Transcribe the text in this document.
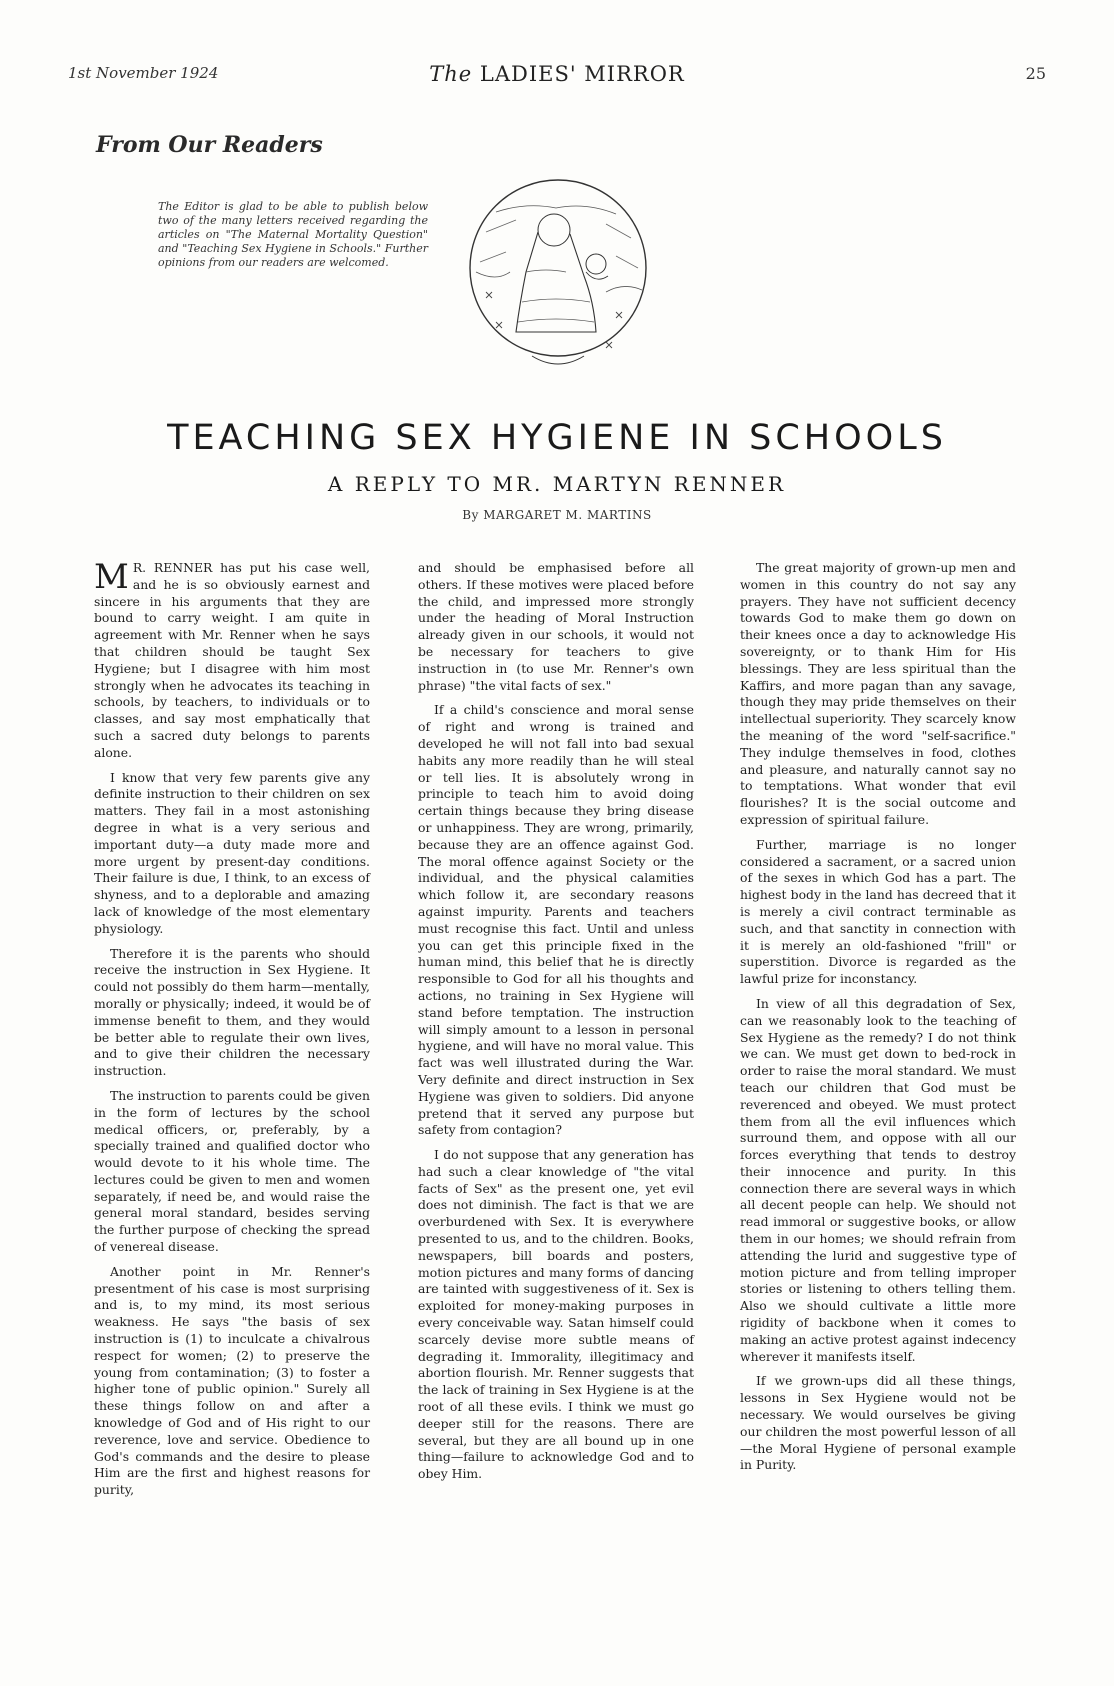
1st November 1924	The LADIES' MIRROR	25
From Our Readers
The Editor is glad to be able to publish below two of the many letters received regarding the articles on "The Maternal Mortality Question" and "Teaching Sex Hygiene in Schools." Further opinions from our readers are welcomed.
TEACHING SEX HYGIENE IN SCHOOLS
A REPLY TO MR. MARTYN RENNER
By MARGARET M. MARTINS

M R. RENNER has put his case well, and he is so obviously earnest and sincere in his arguments that they are bound to carry weight. I am quite in agreement with Mr. Renner when he says that children should be taught Sex Hygiene; but I disagree with him most strongly when he advocates its teaching in schools, by teachers, to individuals or to classes, and say most emphatically that such a sacred duty belongs to parents alone.

I know that very few parents give any definite instruction to their children on sex matters. They fail in a most astonishing degree in what is a very serious and important duty—a duty made more and more urgent by present-day conditions. Their failure is due, I think, to an excess of shyness, and to a deplorable and amazing lack of knowledge of the most elementary physiology.

Therefore it is the parents who should receive the instruction in Sex Hygiene. It could not possibly do them harm—mentally, morally or physically; indeed, it would be of immense benefit to them, and they would be better able to regulate their own lives, and to give their children the necessary instruction.

The instruction to parents could be given in the form of lectures by the school medical officers, or, preferably, by a specially trained and qualified doctor who would devote to it his whole time. The lectures could be given to men and women separately, if need be, and would raise the general moral standard, besides serving the further purpose of checking the spread of venereal disease.

Another point in Mr. Renner's presentment of his case is most surprising and is, to my mind, its most serious weakness. He says "the basis of sex instruction is (1) to inculcate a chivalrous respect for women; (2) to preserve the young from contamination; (3) to foster a higher tone of public opinion." Surely all these things follow on and after a knowledge of God and of His right to our reverence, love and service. Obedience to God's commands and the desire to please Him are the first and highest reasons for purity,

and should be emphasised before all others. If these motives were placed before the child, and impressed more strongly under the heading of Moral Instruction already given in our schools, it would not be necessary for teachers to give instruction in (to use Mr. Renner's own phrase) "the vital facts of sex."

If a child's conscience and moral sense of right and wrong is trained and developed he will not fall into bad sexual habits any more readily than he will steal or tell lies. It is absolutely wrong in principle to teach him to avoid doing certain things because they bring disease or unhappiness. They are wrong, primarily, because they are an offence against God. The moral offence against Society or the individual, and the physical calamities which follow it, are secondary reasons against impurity. Parents and teachers must recognise this fact. Until and unless you can get this principle fixed in the human mind, this belief that he is directly responsible to God for all his thoughts and actions, no training in Sex Hygiene will stand before temptation. The instruction will simply amount to a lesson in personal hygiene, and will have no moral value. This fact was well illustrated during the War. Very definite and direct instruction in Sex Hygiene was given to soldiers. Did anyone pretend that it served any purpose but safety from contagion?

I do not suppose that any generation has had such a clear knowledge of "the vital facts of Sex" as the present one, yet evil does not diminish. The fact is that we are overburdened with Sex. It is everywhere presented to us, and to the children. Books, newspapers, bill boards and posters, motion pictures and many forms of dancing are tainted with suggestiveness of it. Sex is exploited for money-making purposes in every conceivable way. Satan himself could scarcely devise more subtle means of degrading it. Immorality, illegitimacy and abortion flourish. Mr. Renner suggests that the lack of training in Sex Hygiene is at the root of all these evils. I think we must go deeper still for the reasons. There are several, but they are all bound up in one thing—failure to acknowledge God and to obey Him.

The great majority of grown-up men and women in this country do not say any prayers. They have not sufficient decency towards God to make them go down on their knees once a day to acknowledge His sovereignty, or to thank Him for His blessings. They are less spiritual than the Kaffirs, and more pagan than any savage, though they may pride themselves on their intellectual superiority. They scarcely know the meaning of the word "self-sacrifice." They indulge themselves in food, clothes and pleasure, and naturally cannot say no to temptations. What wonder that evil flourishes? It is the social outcome and expression of spiritual failure.

Further, marriage is no longer considered a sacrament, or a sacred union of the sexes in which God has a part. The highest body in the land has decreed that it is merely a civil contract terminable as such, and that sanctity in connection with it is merely an old-fashioned "frill" or superstition. Divorce is regarded as the lawful prize for inconstancy.

In view of all this degradation of Sex, can we reasonably look to the teaching of Sex Hygiene as the remedy? I do not think we can. We must get down to bed-rock in order to raise the moral standard. We must teach our children that God must be reverenced and obeyed. We must protect them from all the evil influences which surround them, and oppose with all our forces everything that tends to destroy their innocence and purity. In this connection there are several ways in which all decent people can help. We should not read immoral or suggestive books, or allow them in our homes; we should refrain from attending the lurid and suggestive type of motion picture and from telling improper stories or listening to others telling them. Also we should cultivate a little more rigidity of backbone when it comes to making an active protest against indecency wherever it manifests itself.

If we grown-ups did all these things, lessons in Sex Hygiene would not be necessary. We would ourselves be giving our children the most powerful lesson of all—the Moral Hygiene of personal example in Purity.
